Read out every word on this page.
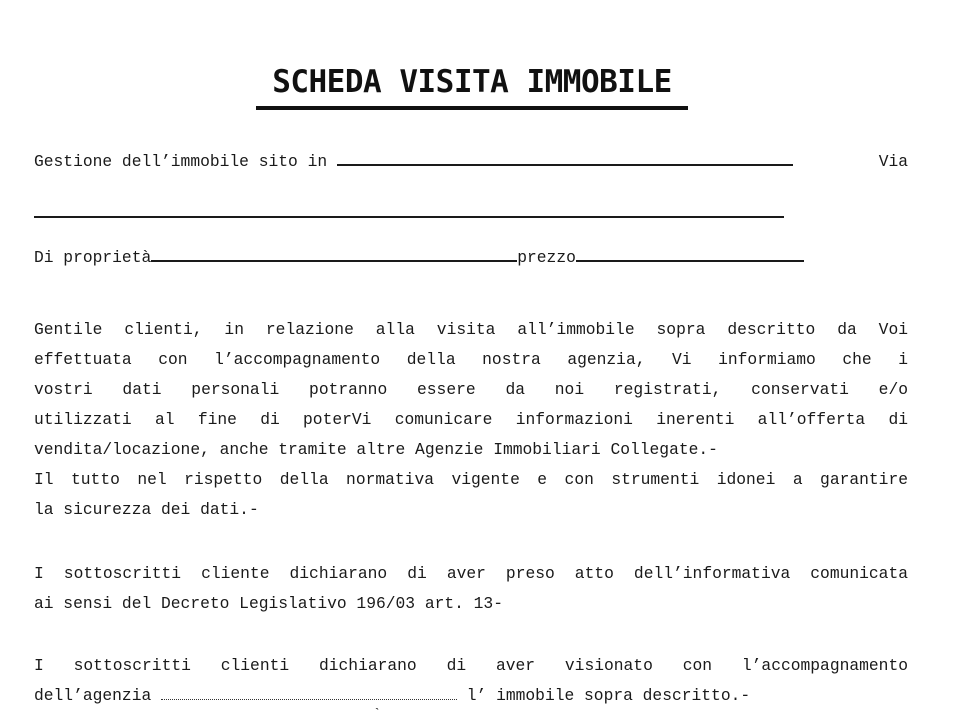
SCHEDA VISITA IMMOBILE
Gestione dell’immobile sito in	Via
Di proprietà	prezzo
Gentile clienti, in relazione alla visita all’immobile sopra descritto da Voi
effettuata con l’accompagnamento della nostra agenzia, Vi informiamo che i
vostri dati personali potranno essere da noi registrati, conservati e/o
utilizzati al fine di poterVi comunicare informazioni inerenti all’offerta di
vendita/locazione, anche tramite altre Agenzie Immobiliari Collegate.-
Il tutto nel rispetto della normativa vigente e con strumenti idonei a garantire
la sicurezza dei dati.-
I sottoscritti cliente dichiarano di aver preso atto dell’informativa comunicata
ai sensi del Decreto Legislativo 196/03 art. 13-
I sottoscritti clienti dichiarano di aver visionato con l’accompagnamento
dell’agenzia	l’ immobile sopra descritto.-
`
